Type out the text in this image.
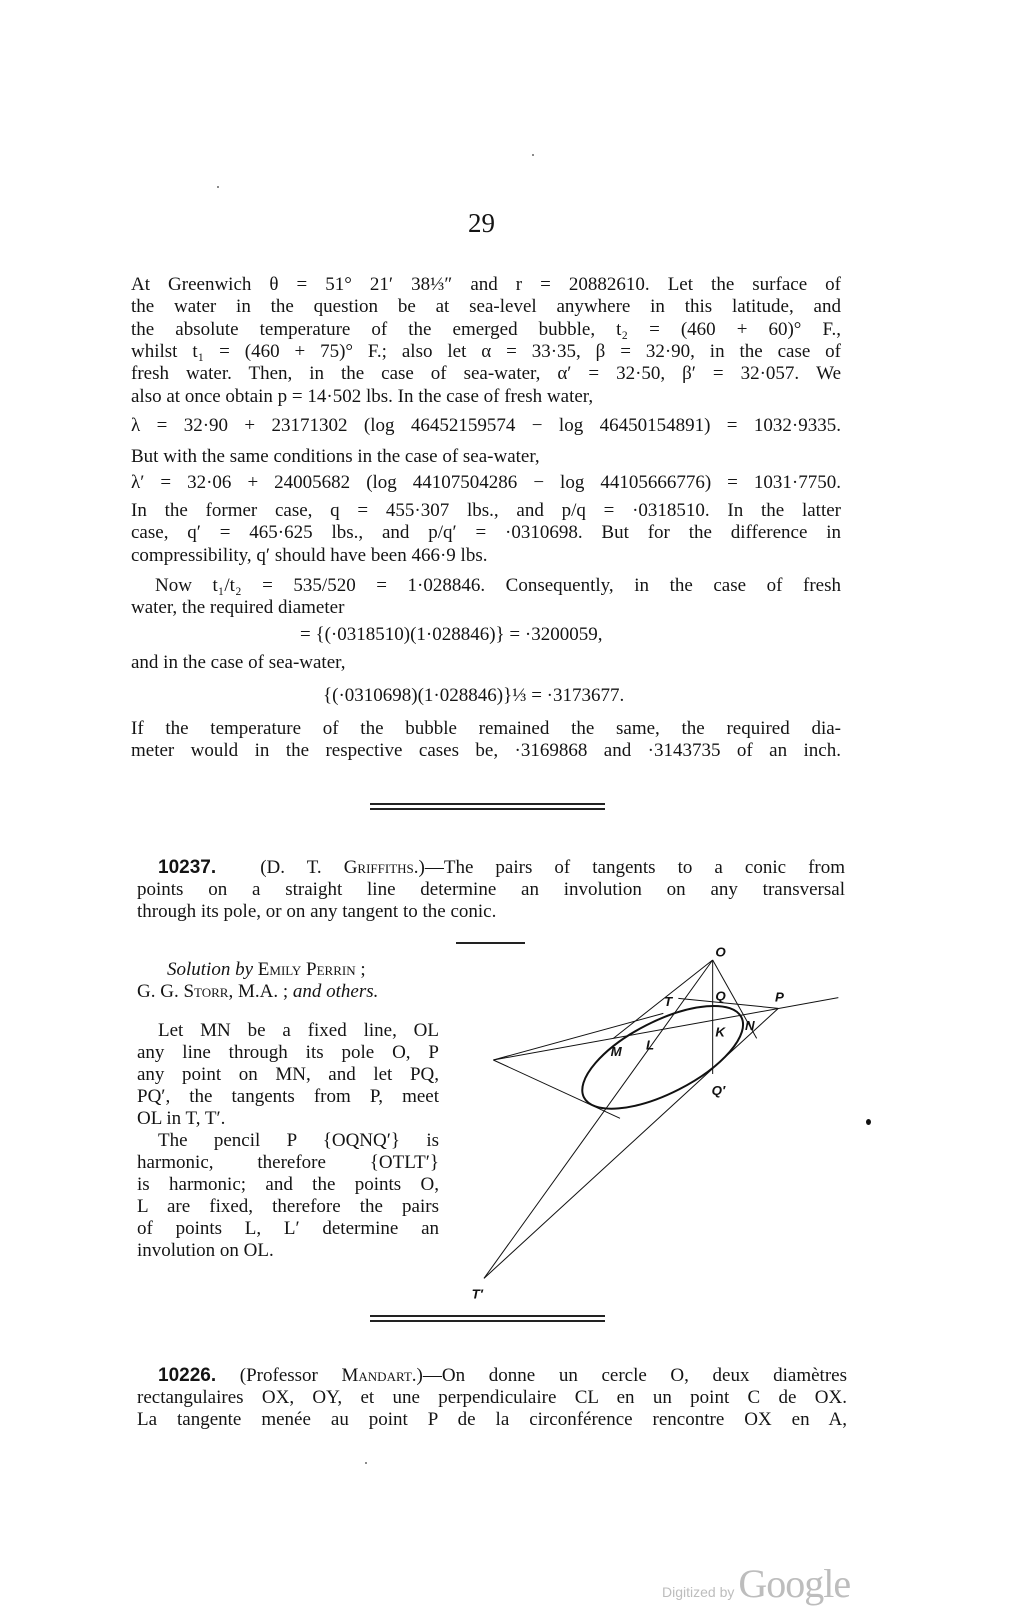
29
At Greenwich θ = 51° 21′ 38⅓″ and r = 20882610. Let the surface of
the water in the question be at sea-level anywhere in this latitude, and
the absolute temperature of the emerged bubble, t₂ = (460 + 60)° F.,
whilst t₁ = (460 + 75)° F.; also let α = 33·35, β = 32·90, in the case of
fresh water. Then, in the case of sea-water, α′ = 32·50, β′ = 32·057. We
also at once obtain p = 14·502 lbs. In the case of fresh water,
λ = 32·90 + 23171302 (log 46452159574 − log 46450154891) = 1032·9335.
But with the same conditions in the case of sea-water,
λ′ = 32·06 + 24005682 (log 44107504286 − log 44105666776) = 1031·7750.
In the former case, q = 455·307 lbs., and p/q = ·0318510. In the latter
case, q′ = 465·625 lbs., and p/q′ = ·0310698. But for the difference in
compressibility, q′ should have been 466·9 lbs.
Now t₁/t₂ = 535/520 = 1·028846. Consequently, in the case of fresh
water, the required diameter
= {(·0318510)(1·028846)} = ·3200059,
and in the case of sea-water,
{(·0310698)(1·028846)}⅓ = ·3173677.
If the temperature of the bubble remained the same, the required dia-
meter would in the respective cases be, ·3169868 and ·3143735 of an inch.
10237.  (D. T. Griffiths.)—The pairs of tangents to a conic from
points on a straight line determine an involution on any transversal
through its pole, or on any tangent to the conic.
Solution by Emily Perrin ;
G. G. Storr, M.A. ; and others.
Let MN be a fixed line, OL
any line through its pole O, P
any point on MN, and let PQ,
PQ′, the tangents from P, meet
OL in T, T′.
The pencil P {OQNQ′} is
harmonic, therefore {OTLT′}
is harmonic; and the points O,
L are fixed, therefore the pairs
of points L, L′ determine an
involution on OL.
10226. (Professor Mandart.)—On donne un cercle O, deux diamètres
rectangulaires OX, OY, et une perpendiculaire CL en un point C de OX.
La tangente menée au point P de la circonférence rencontre OX en A,
O
T Q P
K N
M L
Q′
T′
Digitized by Google
